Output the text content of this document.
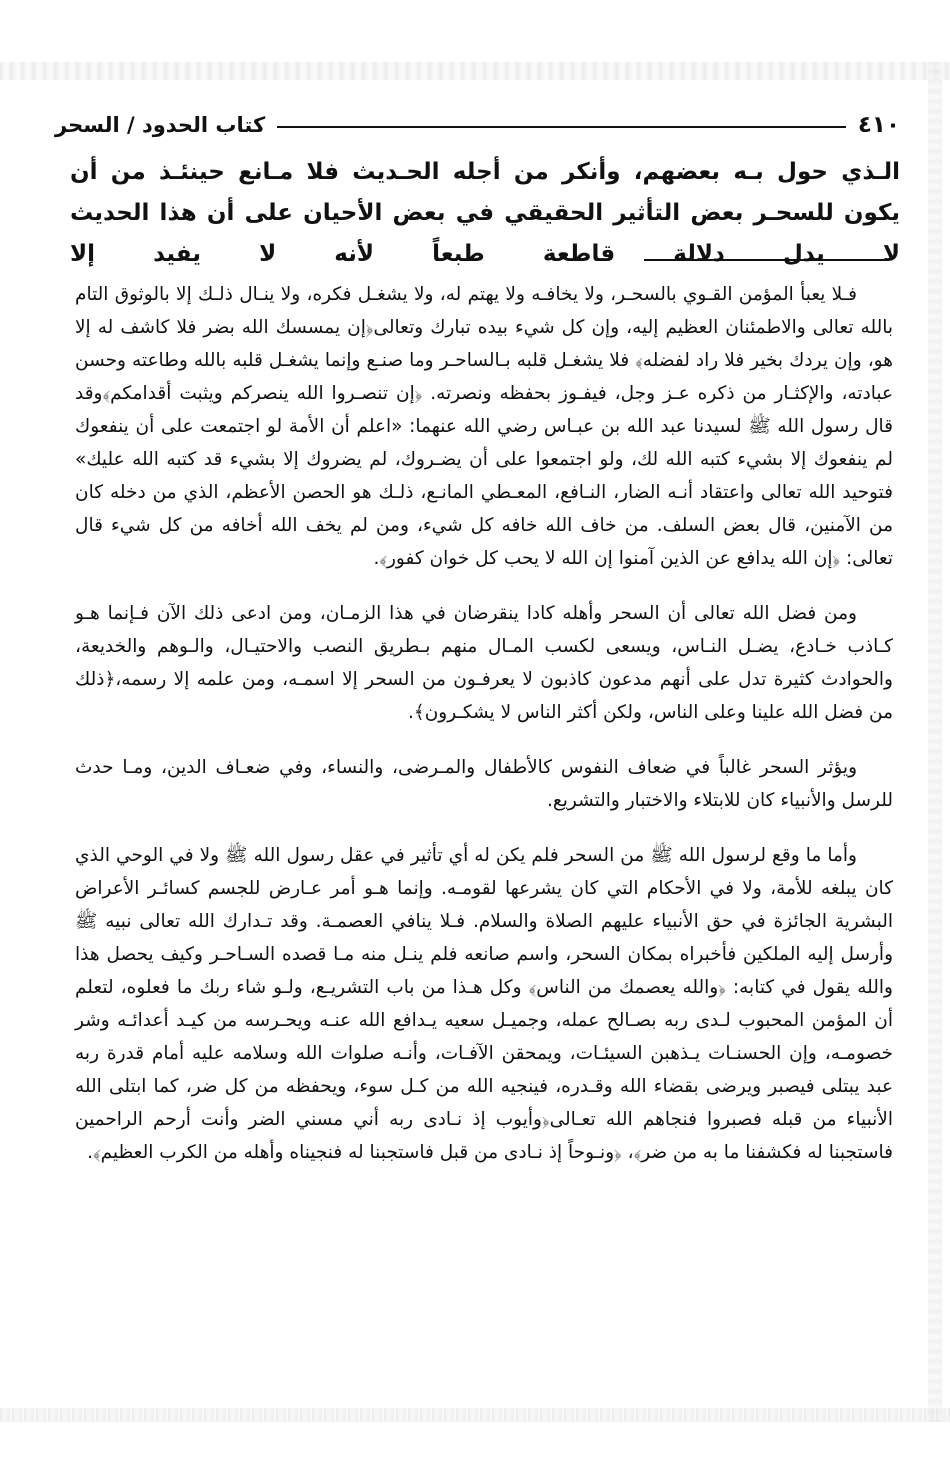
٤١٠
كتاب الحدود / السحر

الـذي حول بـه بعضهم، وأنكر من أجله الحـديث فلا مـانع حينئـذ من أن يكون للسحـر بعض التأثير الحقيقي في بعض الأحيان على أن هذا الحديث لا يدل دلالة قاطعة طبعاً لأنه لا يفيد إلا

فـلا يعبأ المؤمن القـوي بالسحـر، ولا يخافـه ولا يهتم له، ولا يشغـل فكره، ولا ينـال ذلـك إلا بالوثوق التام بالله تعالى والاطمئنان العظيم إليه، وإن كل شيء بيده تبارك وتعالى﴿إن يمسسك الله بضر فلا كاشف له إلا هو، وإن يردك بخير فلا راد لفضله﴾ فلا يشغـل قلبه بـالساحـر وما صنـع وإنما يشغـل قلبه بالله وطاعته وحسن عبادته، والإكثـار من ذكره عـز وجل، فيفـوز بحفظه ونصرته. ﴿إن تنصـروا الله ينصركم ويثبت أقدامكم﴾وقد قال رسول الله ﷺ لسيدنا عبد الله بن عبـاس رضي الله عنهما: «اعلم أن الأمة لو اجتمعت على أن ينفعوك لم ينفعوك إلا بشيء كتبه الله لك، ولو اجتمعوا على أن يضـروك، لم يضروك إلا بشيء قد كتبه الله عليك» فتوحيد الله تعالى واعتقاد أنـه الضار، النـافع، المعـطي المانـع، ذلـك هو الحصن الأعظم، الذي من دخله كان من الآمنين، قال بعض السلف. من خاف الله خافه كل شيء، ومن لم يخف الله أخافه من كل شيء قال تعالى: ﴿إن الله يدافع عن الذين آمنوا إن الله لا يحب كل خوان كفور﴾.

ومن فضل الله تعالى أن السحر وأهله كادا ينقرضان في هذا الزمـان، ومن ادعى ذلك الآن فـإنما هـو كـاذب خـادع، يضـل النـاس، ويسعى لكسب المـال منهم بـطريق النصب والاحتيـال، والـوهم والخديعة، والحوادث كثيرة تدل على أنهم مدعون كاذبون لا يعرفـون من السحر إلا اسمـه، ومن علمه إلا رسمه،﴿ذلك من فضل الله علينا وعلى الناس، ولكن أكثر الناس لا يشكـرون﴾.

ويؤثر السحر غالباً في ضعاف النفوس كالأطفال والمـرضى، والنساء، وفي ضعـاف الدين، ومـا حدث للرسل والأنبياء كان للابتلاء والاختبار والتشريع.

وأما ما وقع لرسول الله ﷺ من السحر فلم يكن له أي تأثير في عقل رسول الله ﷺ ولا في الوحي الذي كان يبلغه للأمة، ولا في الأحكام التي كان يشرعها لقومـه. وإنما هـو أمر عـارض للجسم كسائـر الأعراض البشرية الجائزة في حق الأنبياء عليهم الصلاة والسلام. فـلا ينافي العصمـة. وقد تـدارك الله تعالى نبيه ﷺ وأرسل إليه الملكين فأخبراه بمكان السحر، واسم صانعه فلم ينـل منه مـا قصده السـاحـر وكيف يحصل هذا والله يقول في كتابه: ﴿والله يعصمك من الناس﴾ وكل هـذا من باب التشريـع، ولـو شاء ربك ما فعلوه، لتعلم أن المؤمن المحبوب لـدى ربه بصـالح عمله، وجميـل سعيه يـدافع الله عنـه ويحـرسه من كيـد أعدائـه وشر خصومـه، وإن الحسنـات يـذهبن السيئـات، ويمحقن الآفـات، وأنـه صلوات الله وسلامه عليه أمام قدرة ربه عبد يبتلى فيصبر ويرضى بقضاء الله وقـدره، فينجيه الله من كـل سوء، ويحفظه من كل ضر، كما ابتلى الله الأنبياء من قبله فصبروا فنجاهم الله تعـالى﴿وأيوب إذ نـادى ربه أني مسني الضر وأنت أرحم الراحمين فاستجبنا له فكشفنا ما به من ضر﴾، ﴿ونـوحاً إذ نـادى من قبل فاستجبنا له فنجيناه وأهله من الكرب العظيم﴾.
